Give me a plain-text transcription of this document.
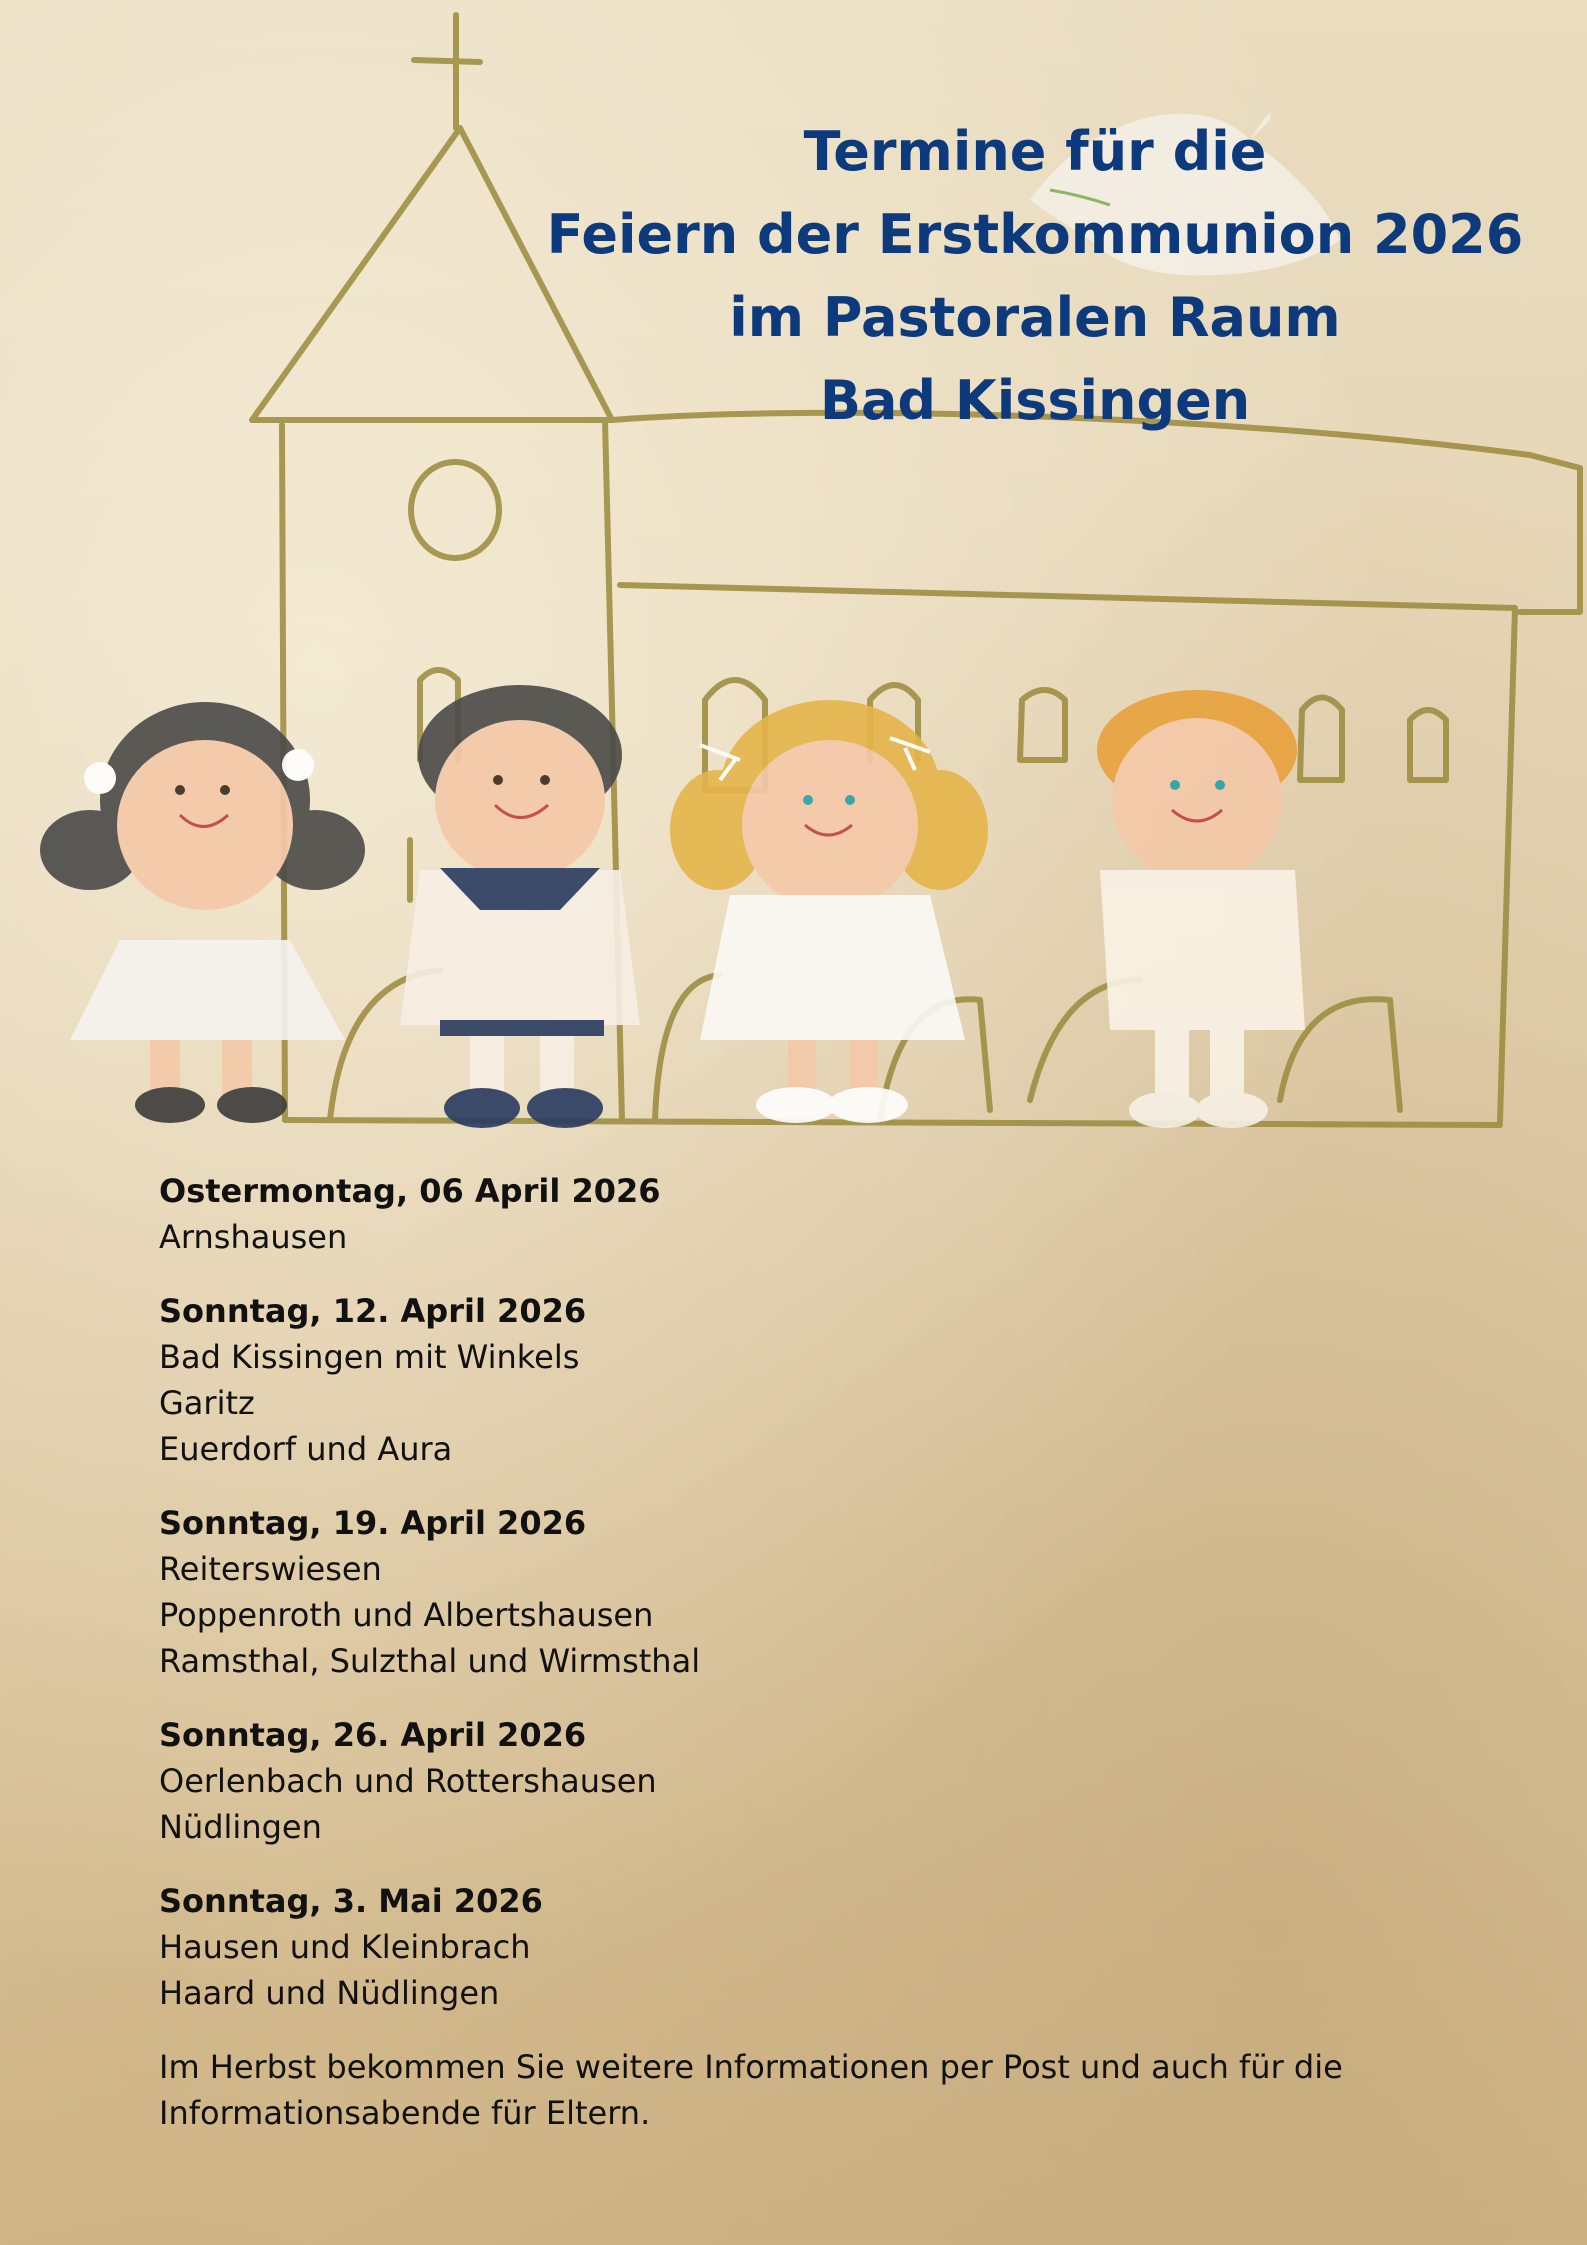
Termine für die
Feiern der Erstkommunion 2026
im Pastoralen Raum
Bad Kissingen
Ostermontag, 06 April 2026
Arnshausen
Sonntag, 12. April 2026
Bad Kissingen mit Winkels
Garitz
Euerdorf und Aura
Sonntag, 19. April 2026
Reiterswiesen
Poppenroth und Albertshausen
Ramsthal, Sulzthal und Wirmsthal
Sonntag, 26. April 2026
Oerlenbach und Rottershausen
Nüdlingen
Sonntag, 3. Mai 2026
Hausen und Kleinbrach
Haard und Nüdlingen
Im Herbst bekommen Sie weitere Informationen per Post und auch für die
Informationsabende für Eltern.
